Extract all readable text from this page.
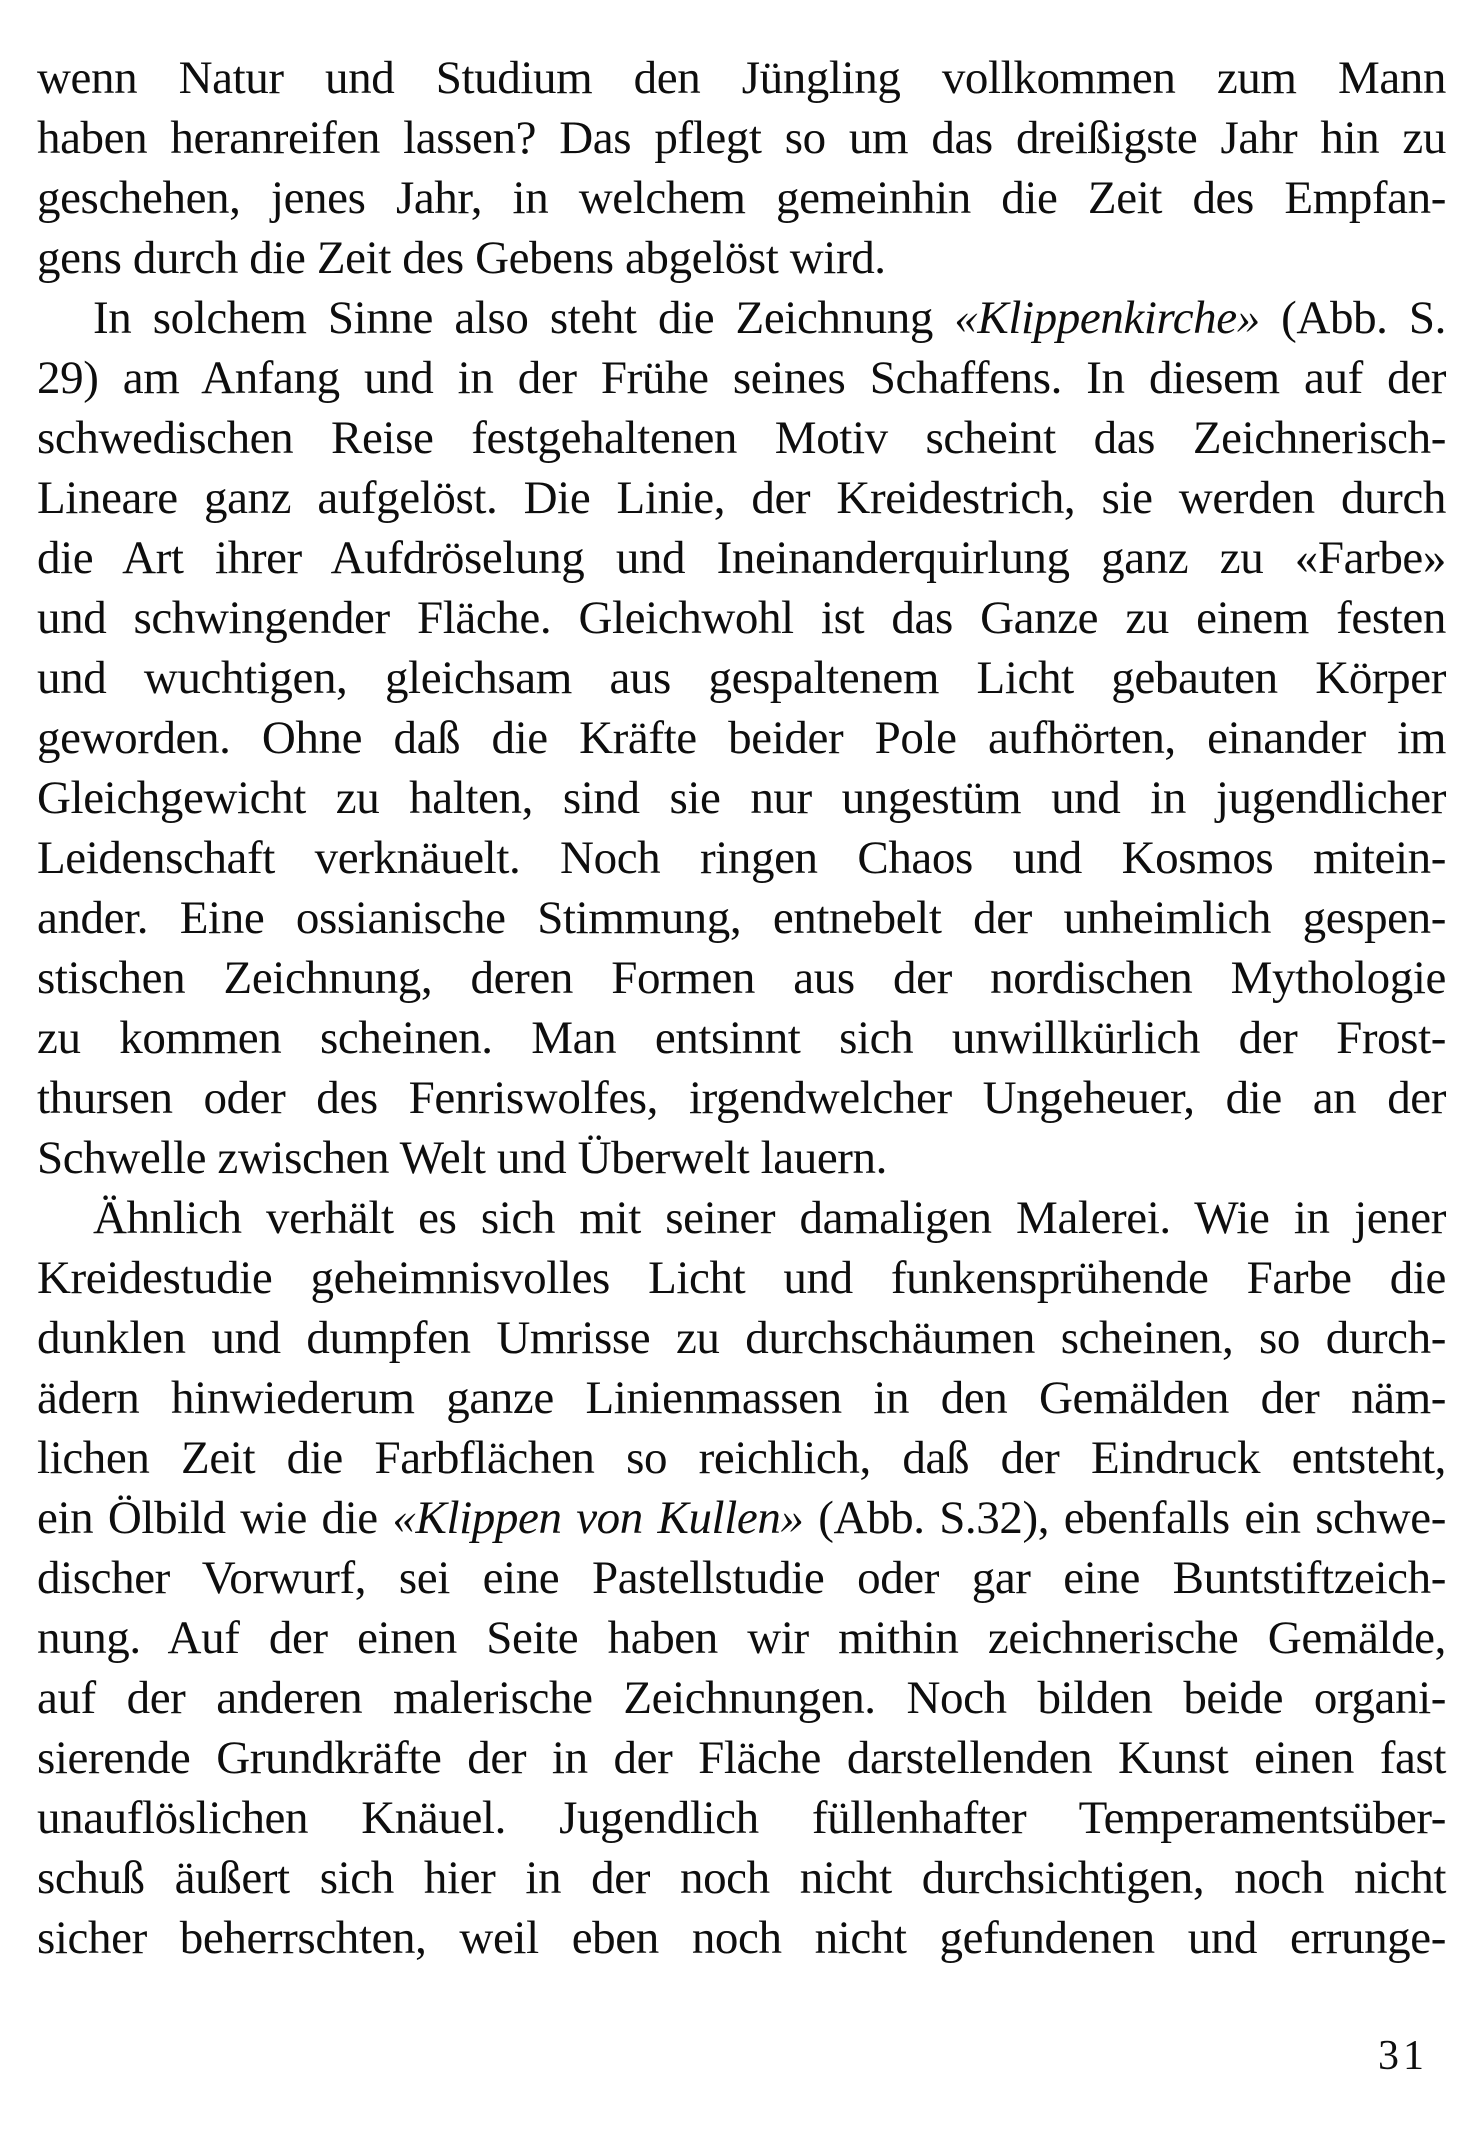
wenn Natur und Studium den Jüngling vollkommen zum Mann
haben heranreifen lassen? Das pflegt so um das dreißigste Jahr hin zu
geschehen, jenes Jahr, in welchem gemeinhin die Zeit des Empfan-
gens durch die Zeit des Gebens abgelöst wird.
In solchem Sinne also steht die Zeichnung «Klippenkirche» (Abb. S.
29) am Anfang und in der Frühe seines Schaffens. In diesem auf der
schwedischen Reise festgehaltenen Motiv scheint das Zeichnerisch-
Lineare ganz aufgelöst. Die Linie, der Kreidestrich, sie werden durch
die Art ihrer Aufdröselung und Ineinanderquirlung ganz zu «Farbe»
und schwingender Fläche. Gleichwohl ist das Ganze zu einem festen
und wuchtigen, gleichsam aus gespaltenem Licht gebauten Körper
geworden. Ohne daß die Kräfte beider Pole aufhörten, einander im
Gleichgewicht zu halten, sind sie nur ungestüm und in jugendlicher
Leidenschaft verknäuelt. Noch ringen Chaos und Kosmos mitein-
ander. Eine ossianische Stimmung, entnebelt der unheimlich gespen-
stischen Zeichnung, deren Formen aus der nordischen Mythologie
zu kommen scheinen. Man entsinnt sich unwillkürlich der Frost-
thursen oder des Fenriswolfes, irgendwelcher Ungeheuer, die an der
Schwelle zwischen Welt und Überwelt lauern.
Ähnlich verhält es sich mit seiner damaligen Malerei. Wie in jener
Kreidestudie geheimnisvolles Licht und funkensprühende Farbe die
dunklen und dumpfen Umrisse zu durchschäumen scheinen, so durch-
ädern hinwiederum ganze Linienmassen in den Gemälden der näm-
lichen Zeit die Farbflächen so reichlich, daß der Eindruck entsteht,
ein Ölbild wie die «Klippen von Kullen» (Abb. S.32), ebenfalls ein schwe-
discher Vorwurf, sei eine Pastellstudie oder gar eine Buntstiftzeich-
nung. Auf der einen Seite haben wir mithin zeichnerische Gemälde,
auf der anderen malerische Zeichnungen. Noch bilden beide organi-
sierende Grundkräfte der in der Fläche darstellenden Kunst einen fast
unauflöslichen Knäuel. Jugendlich füllenhafter Temperamentsüber-
schuß äußert sich hier in der noch nicht durchsichtigen, noch nicht
sicher beherrschten, weil eben noch nicht gefundenen und errunge-
31
